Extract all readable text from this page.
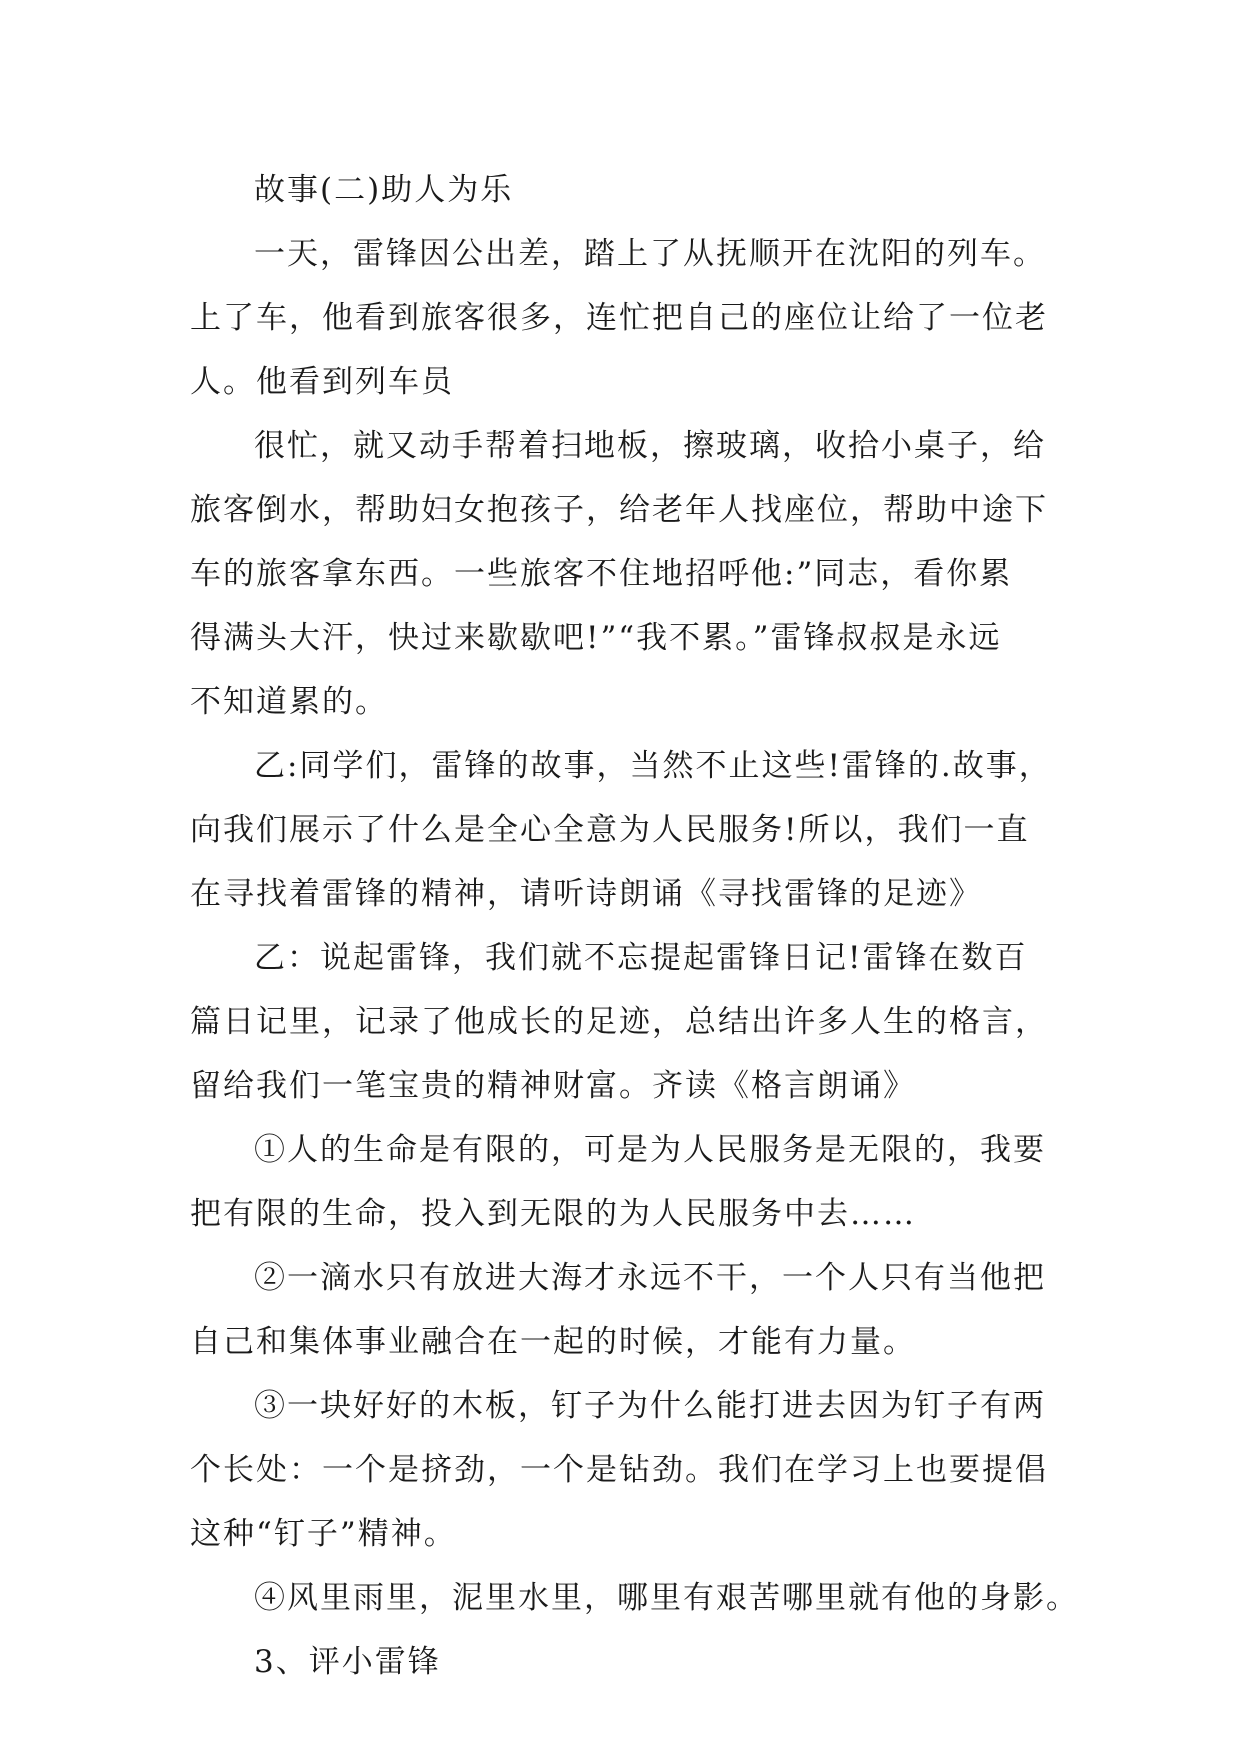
故事(二)助人为乐

一天，雷锋因公出差，踏上了从抚顺开在沈阳的列车。
上了车，他看到旅客很多，连忙把自己的座位让给了一位老
人。他看到列车员

很忙，就又动手帮着扫地板，擦玻璃，收拾小桌子，给
旅客倒水，帮助妇女抱孩子，给老年人找座位，帮助中途下
车的旅客拿东西。一些旅客不住地招呼他:”同志，看你累
得满头大汗，快过来歇歇吧!”“我不累。”雷锋叔叔是永远
不知道累的。

乙:同学们，雷锋的故事，当然不止这些!雷锋的.故事，
向我们展示了什么是全心全意为人民服务!所以，我们一直
在寻找着雷锋的精神，请听诗朗诵《寻找雷锋的足迹》

乙：说起雷锋，我们就不忘提起雷锋日记!雷锋在数百
篇日记里，记录了他成长的足迹，总结出许多人生的格言，
留给我们一笔宝贵的精神财富。齐读《格言朗诵》

①人的生命是有限的，可是为人民服务是无限的，我要
把有限的生命，投入到无限的为人民服务中去……

②一滴水只有放进大海才永远不干，一个人只有当他把
自己和集体事业融合在一起的时候，才能有力量。

③一块好好的木板，钉子为什么能打进去因为钉子有两
个长处：一个是挤劲，一个是钻劲。我们在学习上也要提倡
这种“钉子”精神。

④风里雨里，泥里水里，哪里有艰苦哪里就有他的身影。

3、评小雷锋
